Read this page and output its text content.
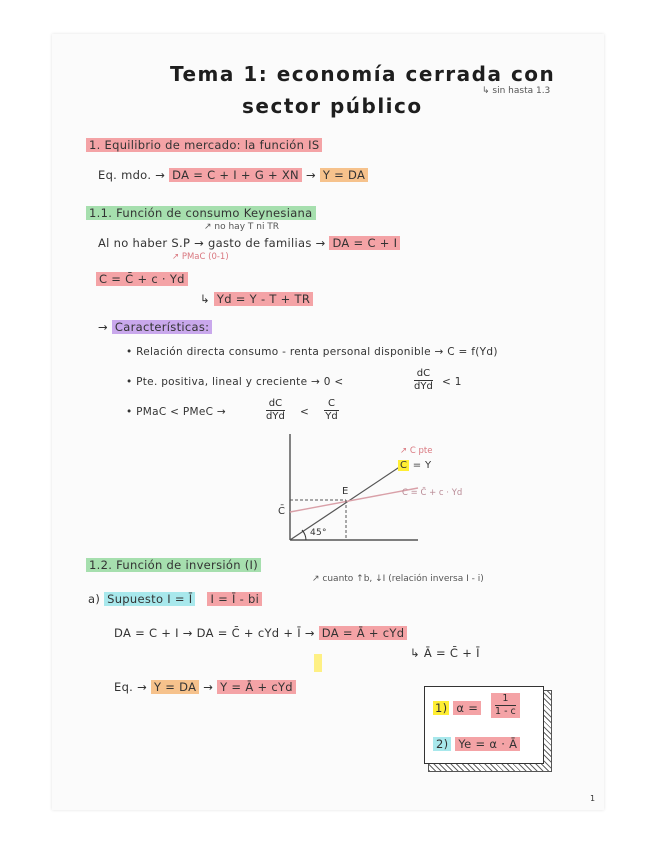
Tema 1: economía cerrada con
sector público
↳ sin hasta 1.3
1. Equilibrio de mercado: la función IS
Eq. mdo. → DA = C + I + G + XN → Y = DA
1.1. Función de consumo Keynesiana
↗ no hay T ni TR
Al no haber S.P → gasto de familias → DA = C + I
↗ PMaC (0-1)
C = C̄ + c · Yd
↳ Yd = Y - T + TR
→ Características:
• Relación directa consumo - renta personal disponible → C = f(Yd)
• Pte. positiva, lineal y creciente → 0 <
dC
dYd < 1
• PMaC < PMeC →
dC
dYd < $\frac{C}{Yd}$
↗ C pte
C = Y
E	C = C̄ + c · Yd
C̄
45°
1.2. Función de inversión (I)
↗ cuanto ↑b, ↓I (relación inversa I - i)
a) Supuesto I = Ī I = Ī - bi
DA = C + I → DA = C̄ + cYd + Ī → DA = Ā + cYd
↳ Ā = C̄ + Ī
Eq. → Y = DA → Y = Ā + cYd
1) α =	$\frac{1}{1 - c}$
2) Ye = α · Ā
1
